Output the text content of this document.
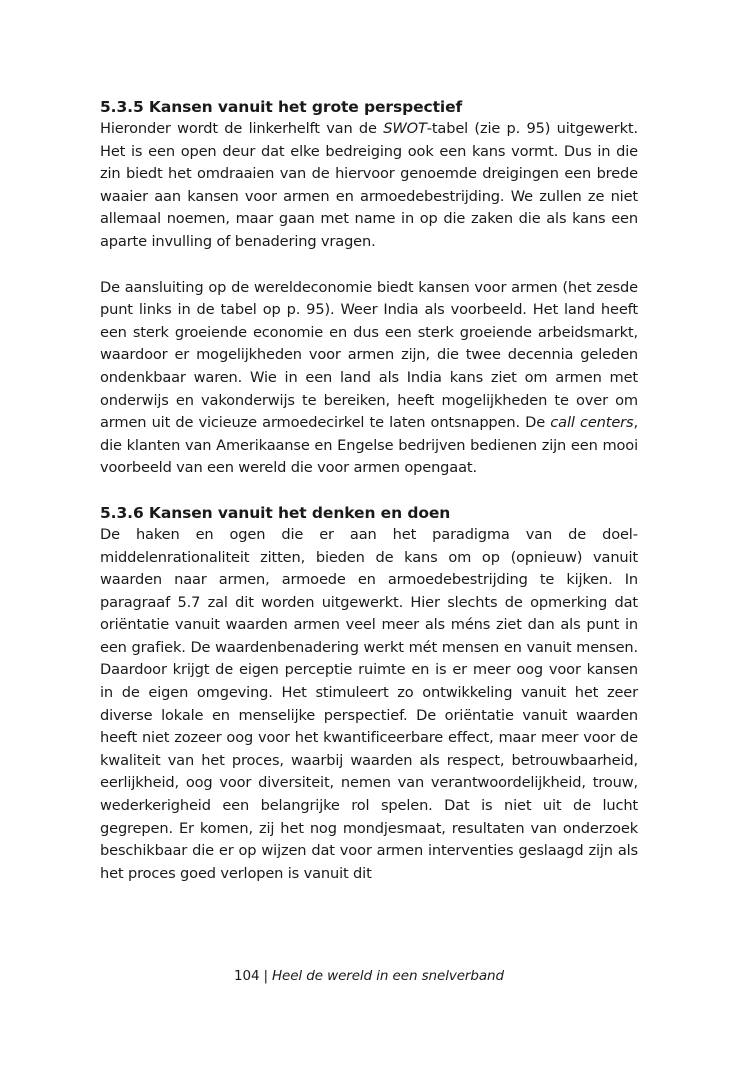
5.3.5 Kansen vanuit het grote perspectief

Hieronder wordt de linkerhelft van de SWOT-tabel (zie p. 95) uitgewerkt. Het is een open deur dat elke bedreiging ook een kans vormt. Dus in die zin biedt het omdraaien van de hiervoor genoemde dreigingen een brede waaier aan kansen voor armen en armoedebestrijding. We zullen ze niet allemaal noemen, maar gaan met name in op die zaken die als kans een aparte invulling of benadering vragen.

De aansluiting op de wereldeconomie biedt kansen voor armen (het zesde punt links in de tabel op p. 95). Weer India als voorbeeld. Het land heeft een sterk groeiende economie en dus een sterk groeiende arbeidsmarkt, waardoor er mogelijkheden voor armen zijn, die twee decennia geleden ondenkbaar waren. Wie in een land als India kans ziet om armen met onderwijs en vakonderwijs te bereiken, heeft mogelijkheden te over om armen uit de vicieuze armoedecirkel te laten ontsnappen. De call centers, die klanten van Amerikaanse en Engelse bedrijven bedienen zijn een mooi voorbeeld van een wereld die voor armen opengaat.

5.3.6 Kansen vanuit het denken en doen

De haken en ogen die er aan het paradigma van de doelmiddelenrationaliteit zitten, bieden de kans om op (opnieuw) vanuit waarden naar armen, armoede en armoedebestrijding te kijken. In paragraaf 5.7 zal dit worden uitgewerkt. Hier slechts de opmerking dat oriëntatie vanuit waarden armen veel meer als méns ziet dan als punt in een grafiek. De waardenbenadering werkt mét mensen en vanuit mensen. Daardoor krijgt de eigen perceptie ruimte en is er meer oog voor kansen in de eigen omgeving. Het stimuleert zo ontwikkeling vanuit het zeer diverse lokale en menselijke perspectief. De oriëntatie vanuit waarden heeft niet zozeer oog voor het kwantificeerbare effect, maar meer voor de kwaliteit van het proces, waarbij waarden als respect, betrouwbaarheid, eerlijkheid, oog voor diversiteit, nemen van verantwoordelijkheid, trouw, wederkerigheid een belangrijke rol spelen. Dat is niet uit de lucht gegrepen. Er komen, zij het nog mondjesmaat, resultaten van onderzoek beschikbaar die er op wijzen dat voor armen interventies geslaagd zijn als het proces goed verlopen is vanuit dit

104 | Heel de wereld in een snelverband
